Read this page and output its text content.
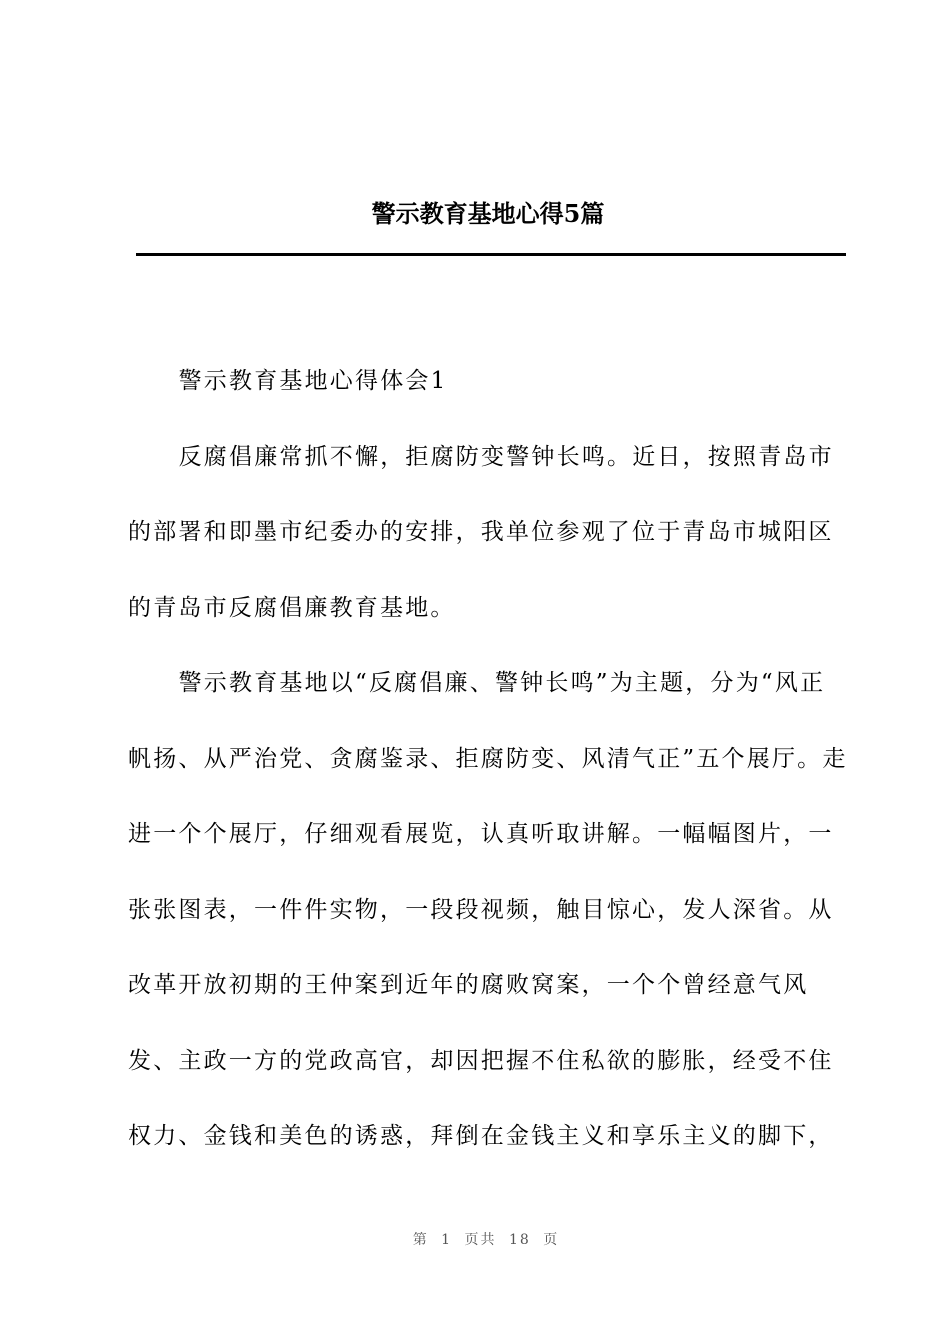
警示教育基地心得5篇

警示教育基地心得体会1

反腐倡廉常抓不懈，拒腐防变警钟长鸣。近日，按照青岛市的部署和即墨市纪委办的安排，我单位参观了位于青岛市城阳区的青岛市反腐倡廉教育基地。

警示教育基地以“反腐倡廉、警钟长鸣”为主题，分为“风正帆扬、从严治党、贪腐鉴录、拒腐防变、风清气正”五个展厅。走进一个个展厅，仔细观看展览，认真听取讲解。一幅幅图片，一张张图表，一件件实物，一段段视频，触目惊心，发人深省。从改革开放初期的王仲案到近年的腐败窝案，一个个曾经意气风发、主政一方的党政高官，却因把握不住私欲的膨胀，经受不住权力、金钱和美色的诱惑，拜倒在金钱主义和享乐主义的脚下，

第 1 页共 18 页
